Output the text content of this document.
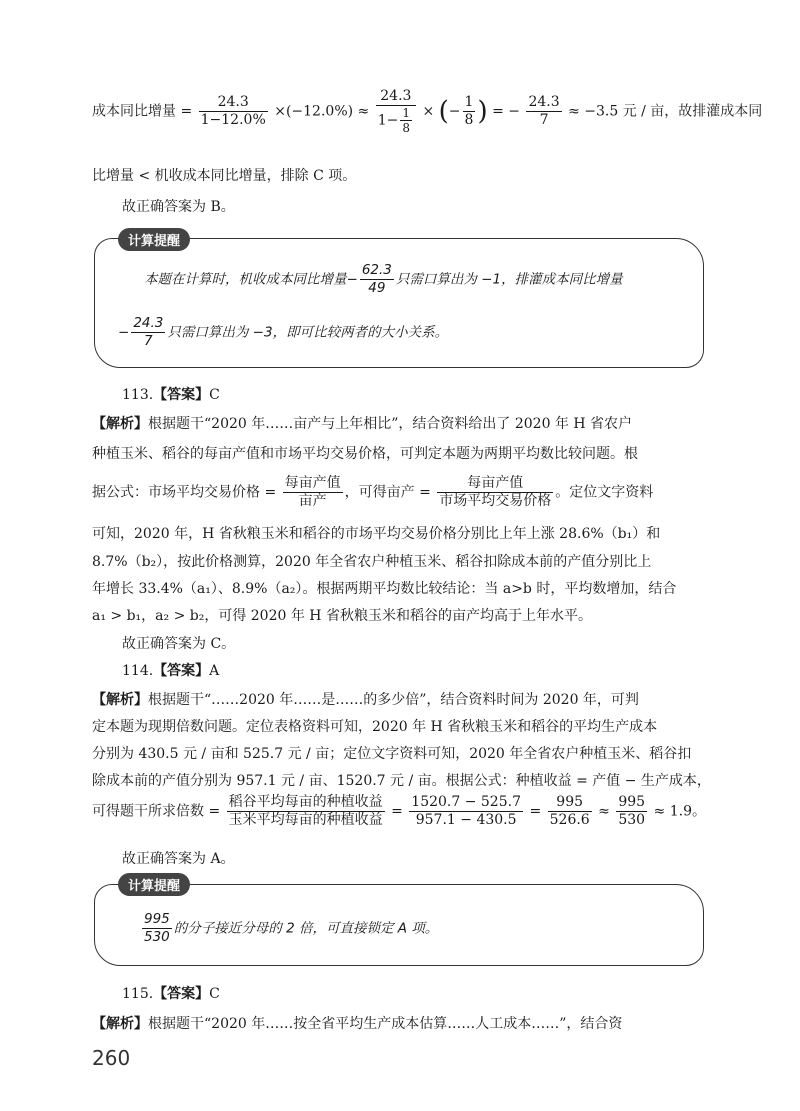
成本同比增量 = $\frac{24.3}{1-12.0\%} \times(-12.0\%) \approx \frac{24.3}{1- \frac{1}{8}}$ × (− $\frac{1}{8}$ ) = − $\frac{24.3}{7} \approx -3.5$ 元 / 亩，故排灌成本同
比增量 < 机收成本同比增量，排除 C 项。
故正确答案为 B。
计算提醒
本题在计算时，机收成本同比增量− $\frac{62.3}{49}$ 只需口算出为 −1，排灌成本同比增量
− $\frac{24.3}{7}$ 只需口算出为 −3，即可比较两者的大小关系。
113.【答案】C
【解析】根据题干“2020 年……亩产与上年相比”，结合资料给出了 2020 年 H 省农户
种植玉米、稻谷的每亩产值和市场平均交易价格，可判定本题为两期平均数比较问题。根
据公式：市场平均交易价格 = $\frac{\text{每亩产值}}{\text{亩产}}$ ，可得亩产 = $\frac{\text{每亩产值}}{\text{市场平均交易价格}}$ 。定位文字资料
可知，2020 年，H 省秋粮玉米和稻谷的市场平均交易价格分别比上年上涨 28.6%（b₁）和
8.7%（b₂），按此价格测算，2020 年全省农户种植玉米、稻谷扣除成本前的产值分别比上
年增长 33.4%（a₁）、8.9%（a₂）。根据两期平均数比较结论：当 a>b 时，平均数增加，结合
a₁ > b₁，a₂ > b₂，可得 2020 年 H 省秋粮玉米和稻谷的亩产均高于上年水平。
故正确答案为 C。
114.【答案】A
【解析】根据题干“……2020 年……是……的多少倍”，结合资料时间为 2020 年，可判
定本题为现期倍数问题。定位表格资料可知，2020 年 H 省秋粮玉米和稻谷的平均生产成本
分别为 430.5 元 / 亩和 525.7 元 / 亩；定位文字资料可知，2020 年全省农户种植玉米、稻谷扣
除成本前的产值分别为 957.1 元 / 亩、1520.7 元 / 亩。根据公式：种植收益 = 产值 − 生产成本，
可得题干所求倍数 = $\frac{\text{稻谷平均每亩的种植收益}}{\text{玉米平均每亩的种植收益}} = \frac{1520.7 - 525.7}{957.1 - 430.5} = \frac{995}{526.6} \approx \frac{995}{530} \approx 1.9$。
故正确答案为 A。
计算提醒
$\frac{995}{530}$ 的分子接近分母的 2 倍，可直接锁定 A 项。
115.【答案】C
【解析】根据题干“2020 年……按全省平均生产成本估算……人工成本……”，结合资
260
